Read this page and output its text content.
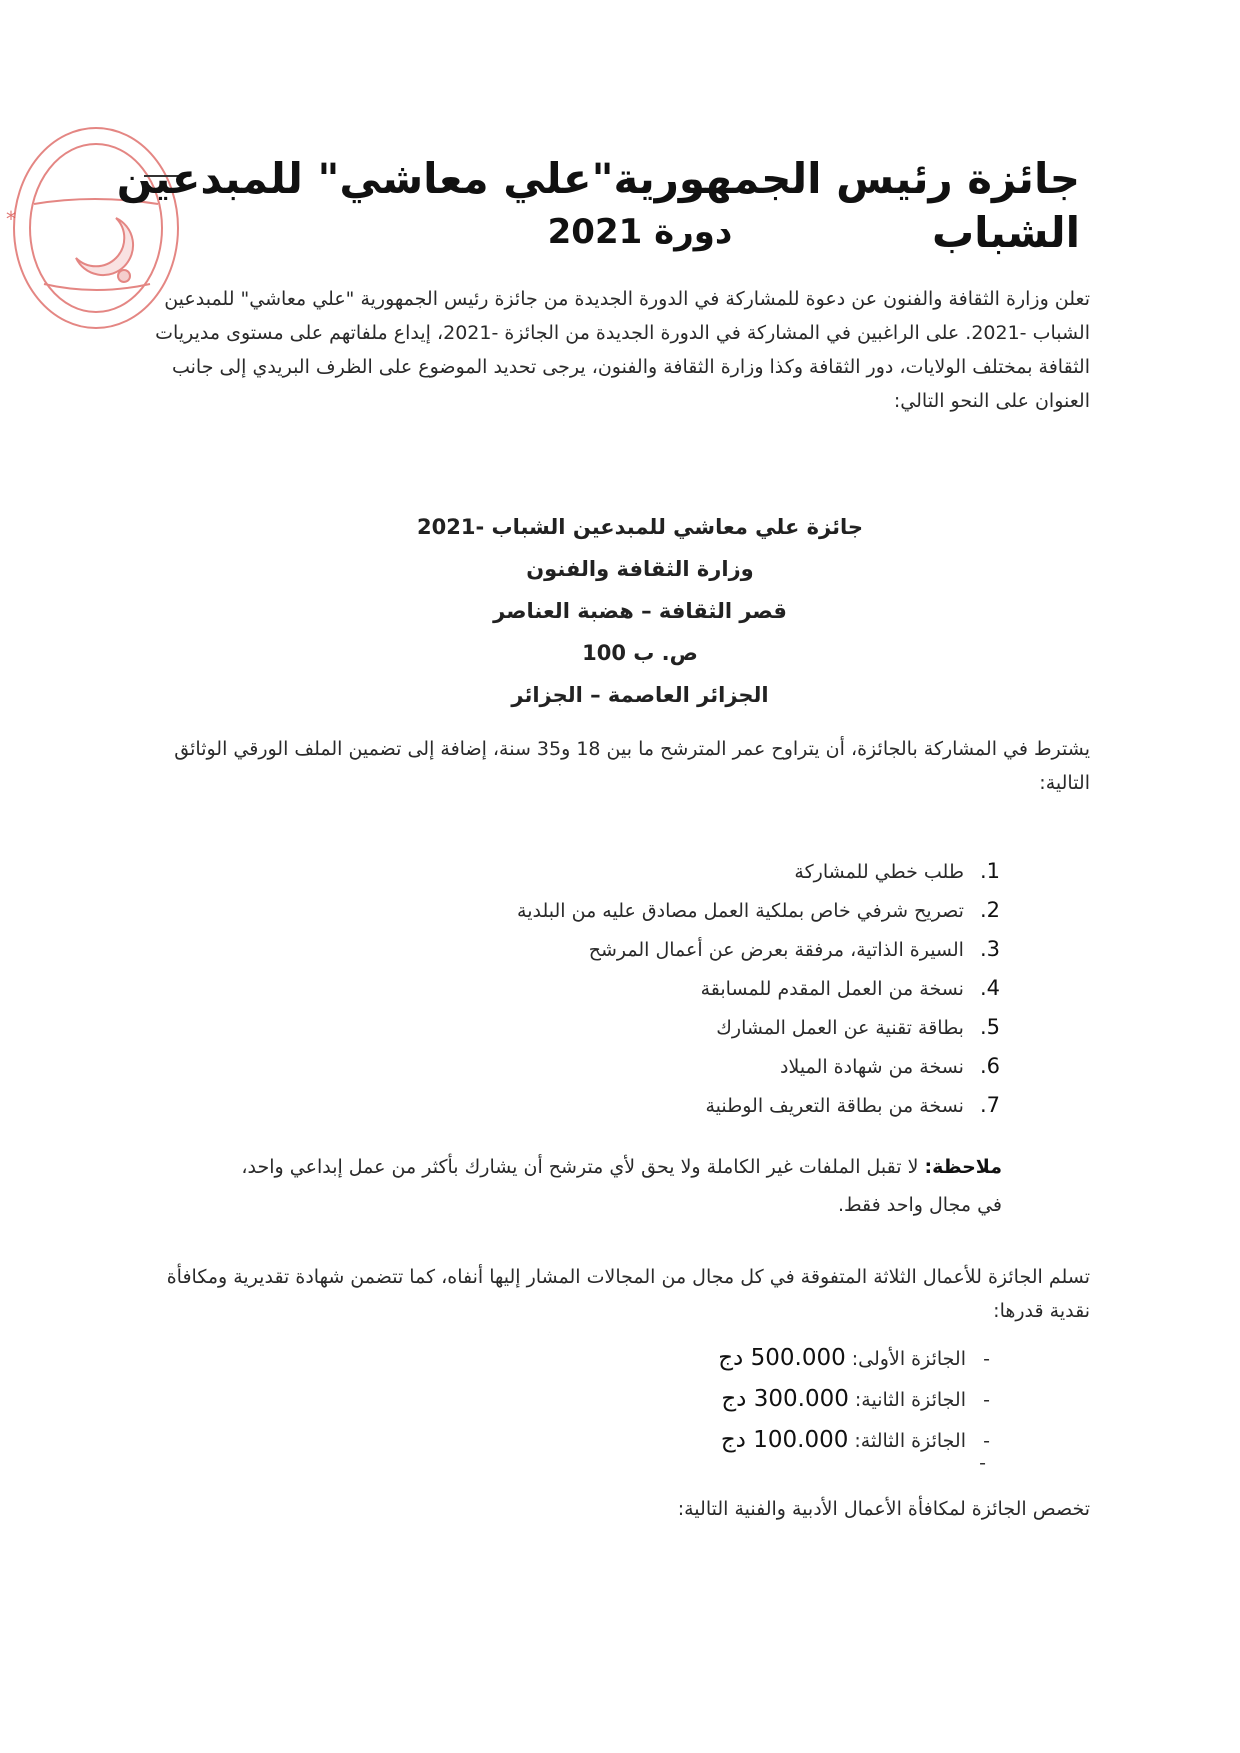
*
جائزة رئيس الجمهورية"علي معاشي" للمبدعين الشباب
دورة 2021

تعلن وزارة الثقافة والفنون عن دعوة للمشاركة في الدورة الجديدة من جائزة رئيس الجمهورية "علي معاشي" للمبدعين الشباب -2021. على الراغبين في المشاركة في الدورة الجديدة من الجائزة -2021، إيداع ملفاتهم على مستوى مديريات الثقافة بمختلف الولايات، دور الثقافة وكذا وزارة الثقافة والفنون، يرجى تحديد الموضوع على الظرف البريدي إلى جانب العنوان على النحو التالي:

جائزة علي معاشي للمبدعين الشباب -2021
وزارة الثقافة والفنون
قصر الثقافة – هضبة العناصر
ص. ب 100
الجزائر العاصمة – الجزائر

يشترط في المشاركة بالجائزة، أن يتراوح عمر المترشح ما بين 18 و35 سنة، إضافة إلى تضمين الملف الورقي الوثائق التالية:

1. طلب خطي للمشاركة
2. تصريح شرفي خاص بملكية العمل مصادق عليه من البلدية
3. السيرة الذاتية، مرفقة بعرض عن أعمال المرشح
4. نسخة من العمل المقدم للمسابقة
5. بطاقة تقنية عن العمل المشارك
6. نسخة من شهادة الميلاد
7. نسخة من بطاقة التعريف الوطنية

ملاحظة: لا تقبل الملفات غير الكاملة ولا يحق لأي مترشح أن يشارك بأكثر من عمل إبداعي واحد، في مجال واحد فقط.

تسلم الجائزة للأعمال الثلاثة المتفوقة في كل مجال من المجالات المشار إليها أنفاه، كما تتضمن شهادة تقديرية ومكافأة نقدية قدرها:

-الجائزة الأولى: 500.000 دج
-الجائزة الثانية: 300.000 دج
-الجائزة الثالثة: 100.000 دج
-

تخصص الجائزة لمكافأة الأعمال الأدبية والفنية التالية:
